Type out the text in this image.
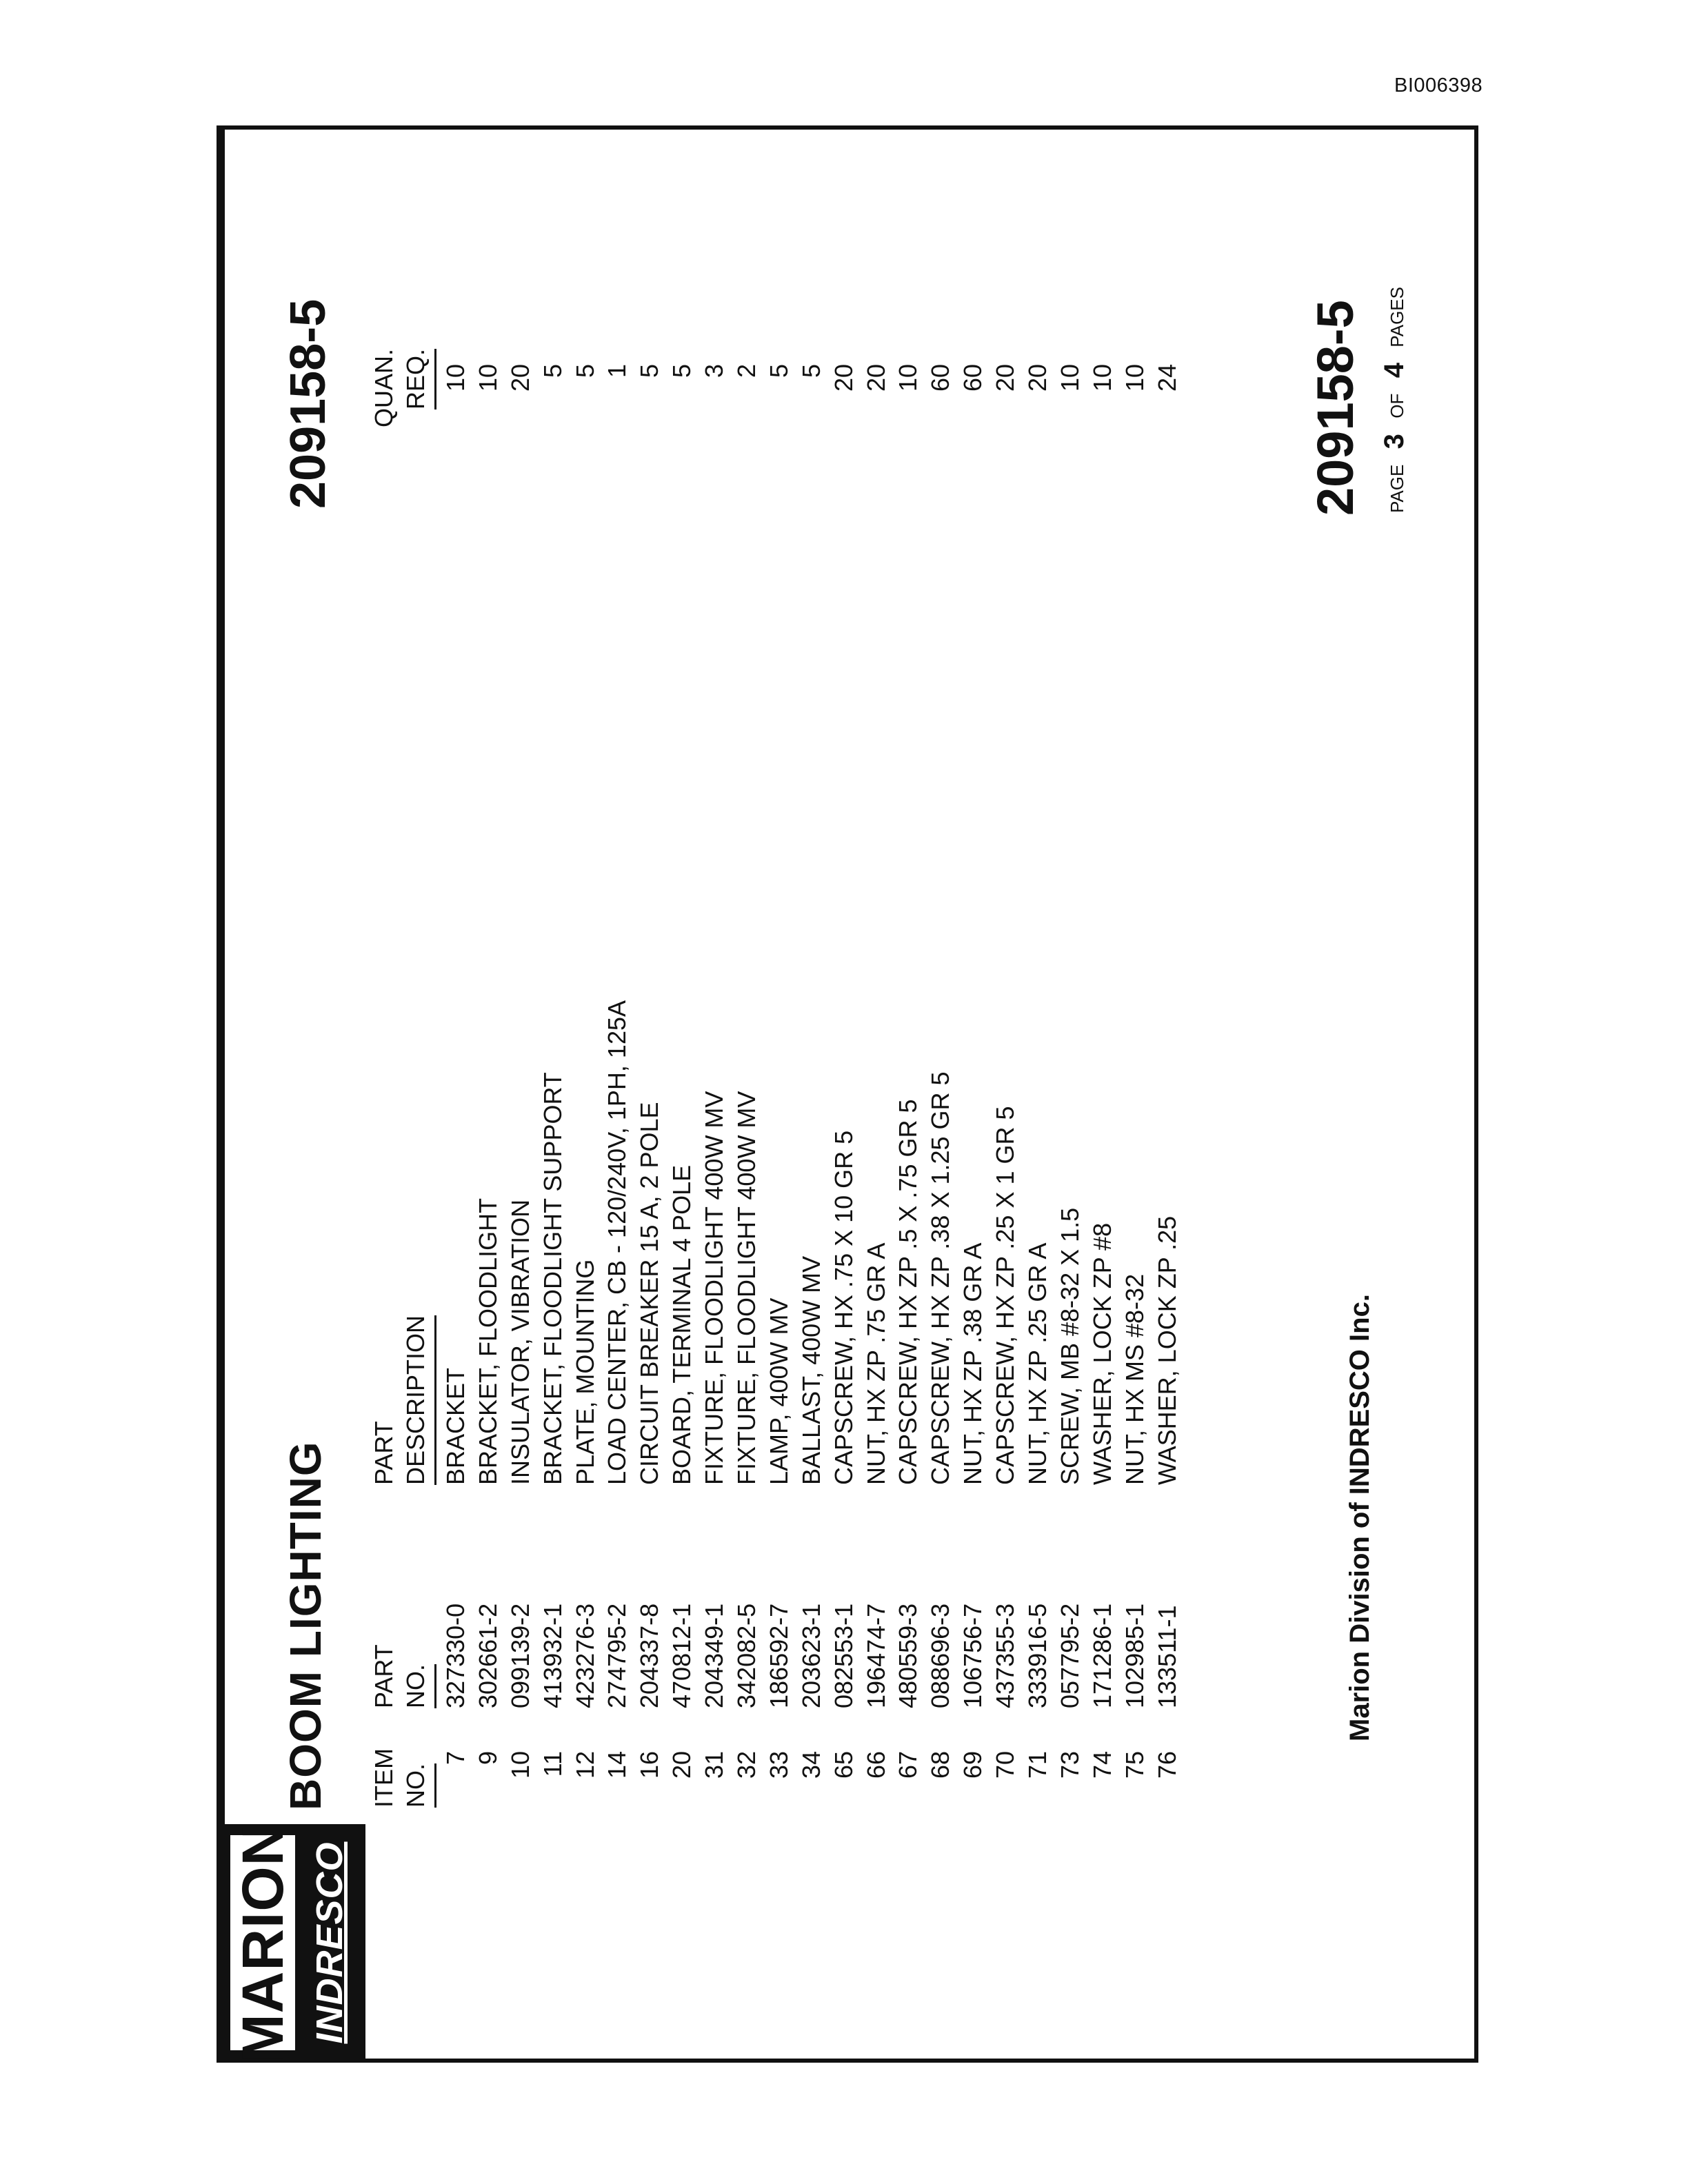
BI006398
MARION INDRESCO
BOOM LIGHTING
209158-5
ITEM NO.
PART NO.
PART DESCRIPTION
QUAN. REQ.
7
327330-0
BRACKET
10
9
302661-2
BRACKET, FLOODLIGHT
10
10
099139-2
INSULATOR, VIBRATION
20
11
413932-1
BRACKET, FLOODLIGHT SUPPORT
5
12
423276-3
PLATE, MOUNTING
5
14
274795-2
LOAD CENTER, CB - 120/240V, 1PH, 125A
1
16
204337-8
CIRCUIT BREAKER 15 A, 2 POLE
5
20
470812-1
BOARD, TERMINAL 4 POLE
5
31
204349-1
FIXTURE, FLOODLIGHT 400W MV
3
32
342082-5
FIXTURE, FLOODLIGHT 400W MV
2
33
186592-7
LAMP, 400W MV
5
34
203623-1
BALLAST, 400W MV
5
65
082553-1
CAPSCREW, HX .75 X 10 GR 5
20
66
196474-7
NUT, HX ZP .75 GR A
20
67
480559-3
CAPSCREW, HX ZP .5 X .75 GR 5
10
68
088696-3
CAPSCREW, HX ZP .38 X 1.25 GR 5
60
69
106756-7
NUT, HX ZP .38 GR A
60
70
437355-3
CAPSCREW, HX ZP .25 X 1 GR 5
20
71
333916-5
NUT, HX ZP .25 GR A
20
73
057795-2
SCREW, MB #8-32 X 1.5
10
74
171286-1
WASHER, LOCK ZP #8
10
75
102985-1
NUT, HX MS #8-32
10
76
133511-1
WASHER, LOCK ZP .25
24
Marion Division of INDRESCO Inc.
209158-5	PAGE 3 OF 4 PAGES
